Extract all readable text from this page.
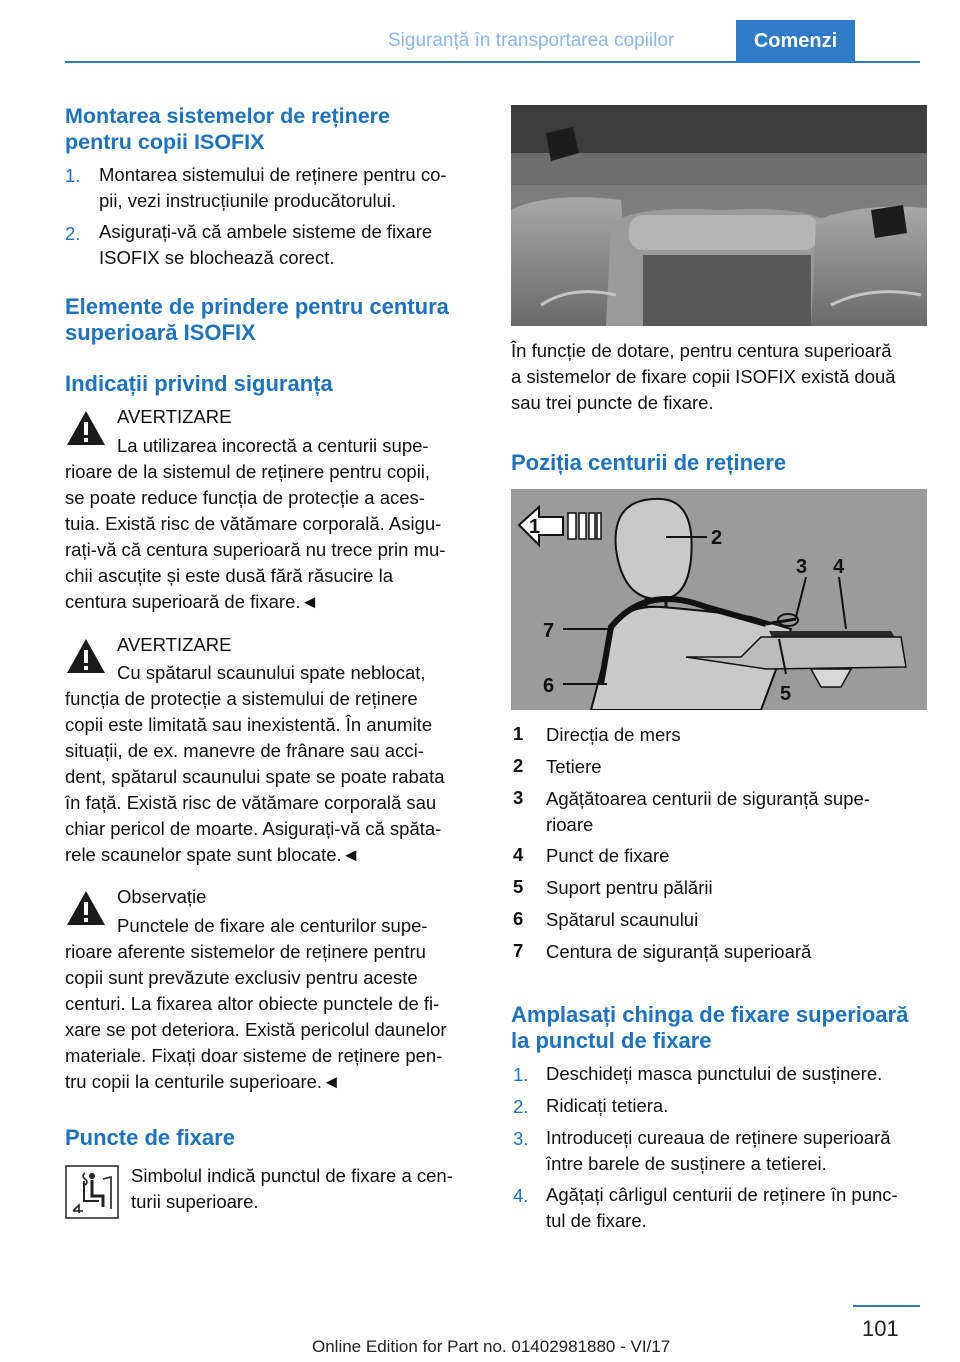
Siguranță în transportarea copiilor	Comenzi
Montarea sistemelor de reținere
pentru copii ISOFIX
1. Montarea sistemului de reținere pentru co‐
pii, vezi instrucțiunile producătorului.
2. Asigurați-vă că ambele sisteme de fixare
ISOFIX se blochează corect.
Elemente de prindere pentru centura
superioară ISOFIX
Indicații privind siguranța
AVERTIZARE
La utilizarea incorectă a centurii supe‐
rioare de la sistemul de reținere pentru copii,
se poate reduce funcția de protecție a aces‐
tuia. Există risc de vătămare corporală. Asigu‐
rați-vă că centura superioară nu trece prin mu‐
chii ascuțite și este dusă fără răsucire la
centura superioară de fixare.◄
AVERTIZARE
Cu spătarul scaunului spate neblocat,
funcția de protecție a sistemului de reținere
copii este limitată sau inexistentă. În anumite
situații, de ex. manevre de frânare sau acci‐
dent, spătarul scaunului spate se poate rabata
în față. Există risc de vătămare corporală sau
chiar pericol de moarte. Asigurați-vă că spăta‐
rele scaunelor spate sunt blocate.◄
Observație
Punctele de fixare ale centurilor supe‐
rioare aferente sistemelor de reținere pentru
copii sunt prevăzute exclusiv pentru aceste
centuri. La fixarea altor obiecte punctele de fi‐
xare se pot deteriora. Există pericolul daunelor
materiale. Fixați doar sisteme de reținere pen‐
tru copii la centurile superioare.◄
Puncte de fixare
Simbolul indică punctul de fixare a cen‐
turii superioare.
În funcție de dotare, pentru centura superioară
a sistemelor de fixare copii ISOFIX există două
sau trei puncte de fixare.
Poziția centurii de reținere
1	2
3 4
5
6
7
1 Direcția de mers
2 Tetiere
3 Agățătoarea centurii de siguranță supe‐
rioare
4 Punct de fixare
5 Suport pentru pălării
6 Spătarul scaunului
7 Centura de siguranță superioară
Amplasați chinga de fixare superioară
la punctul de fixare
1. Deschideți masca punctului de susținere.
2. Ridicați tetiera.
3. Introduceți cureaua de reținere superioară
între barele de susținere a tetierei.
4. Agățați cârligul centurii de reținere în punc‐
tul de fixare.
101
Online Edition for Part no. 01402981880 - VI/17
